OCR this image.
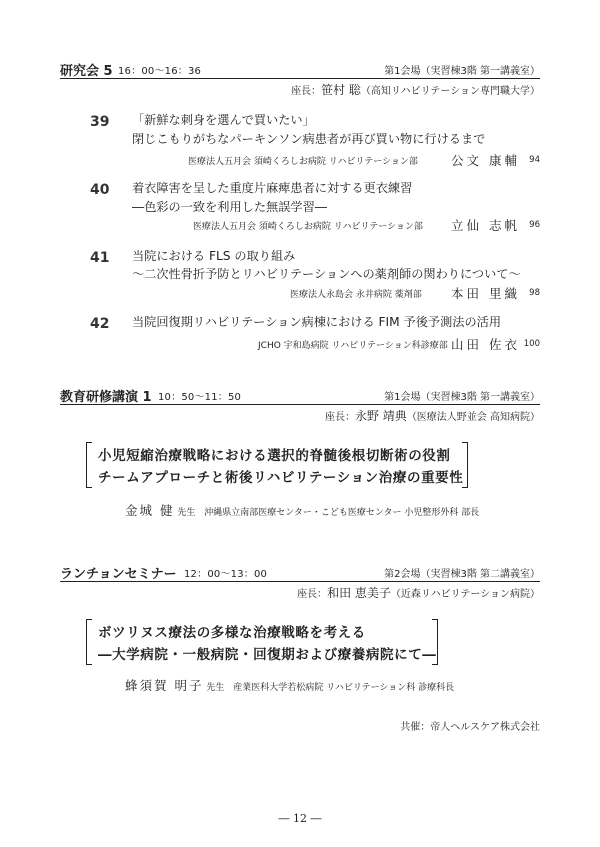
研究会 5 16：00〜16：36	第1会場（実習棟3階 第一講義室）
座長：笹村 聡（高知リハビリテーション専門職大学）
39 「新鮮な刺身を選んで買いたい」
閉じこもりがちなパーキンソン病患者が再び買い物に行けるまで
医療法人五月会 須崎くろしお病院 リハビリテーション部	公文 康輔	94
40 着衣障害を呈した重度片麻痺患者に対する更衣練習
―色彩の一致を利用した無誤学習―
医療法人五月会 須崎くろしお病院 リハビリテーション部 立仙 志帆	96
41 当院における FLS の取り組み
〜二次性骨折予防とリハビリテーションへの薬剤師の関わりについて〜
医療法人永島会 永井病院 薬剤部 本田 里織	98
42 当院回復期リハビリテーション病棟における FIM 予後予測法の活用
JCHO 宇和島病院 リハビリテーション科診療部 山田 佐衣 100
教育研修講演 1 10：50〜11：50	第1会場（実習棟3階 第一講義室）
座長：永野 靖典（医療法人野並会 高知病院）
小児短縮治療戦略における選択的脊髄後根切断術の役割
チームアプローチと術後リハビリテーション治療の重要性
金城 健 先生 沖縄県立南部医療センター・こども医療センター 小児整形外科 部長
ランチョンセミナー 12：00〜13：00	第2会場（実習棟3階 第二講義室）
座長：和田 恵美子（近森リハビリテーション病院）
ボツリヌス療法の多様な治療戦略を考える
―大学病院・一般病院・回復期および療養病院にて―
蜂須賀 明子 先生 産業医科大学若松病院 リハビリテーション科 診療科長
共催：帝人ヘルスケア株式会社
― 12 ―
